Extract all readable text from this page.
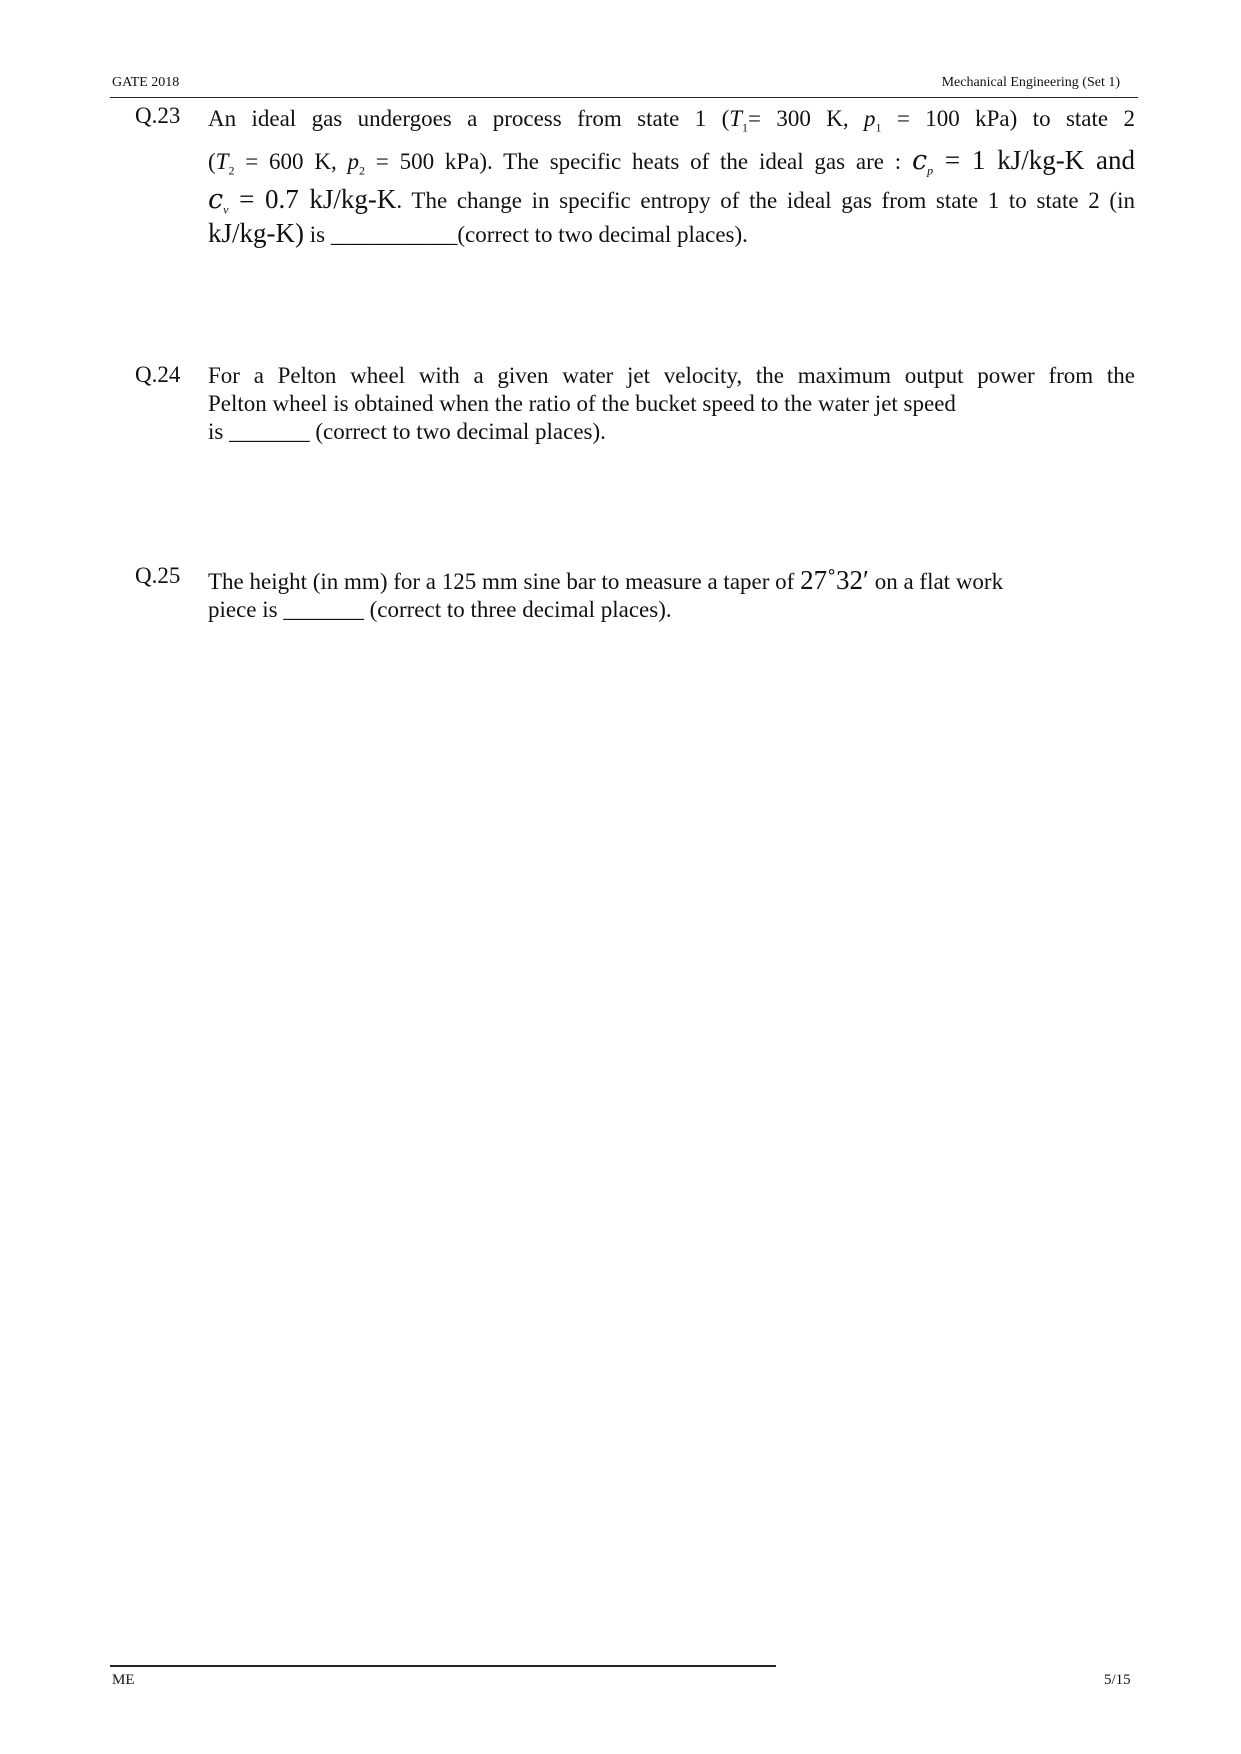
GATE 2018	Mechanical Engineering (Set 1)
Q.23 An ideal gas undergoes a process from state 1 ($T_1= 300$ K, $p_1 = 100$ kPa) to state 2
($T_2 = 600$ K, $p_2 = 500$ kPa). The specific heats of the ideal gas are : $c_p = 1$ kJ/kg-K and
$c_v = 0.7$ kJ/kg-K. The change in specific entropy of the ideal gas from state 1 to state 2 (in
kJ/kg-K) is ___________(correct to two decimal places).
Q.24 For a Pelton wheel with a given water jet velocity, the maximum output power from the
Pelton wheel is obtained when the ratio of the bucket speed to the water jet speed
is _______ (correct to two decimal places).
Q.25 The height (in mm) for a 125 mm sine bar to measure a taper of 27˚32′ on a flat work
piece is _______ (correct to three decimal places).
ME	5/15
